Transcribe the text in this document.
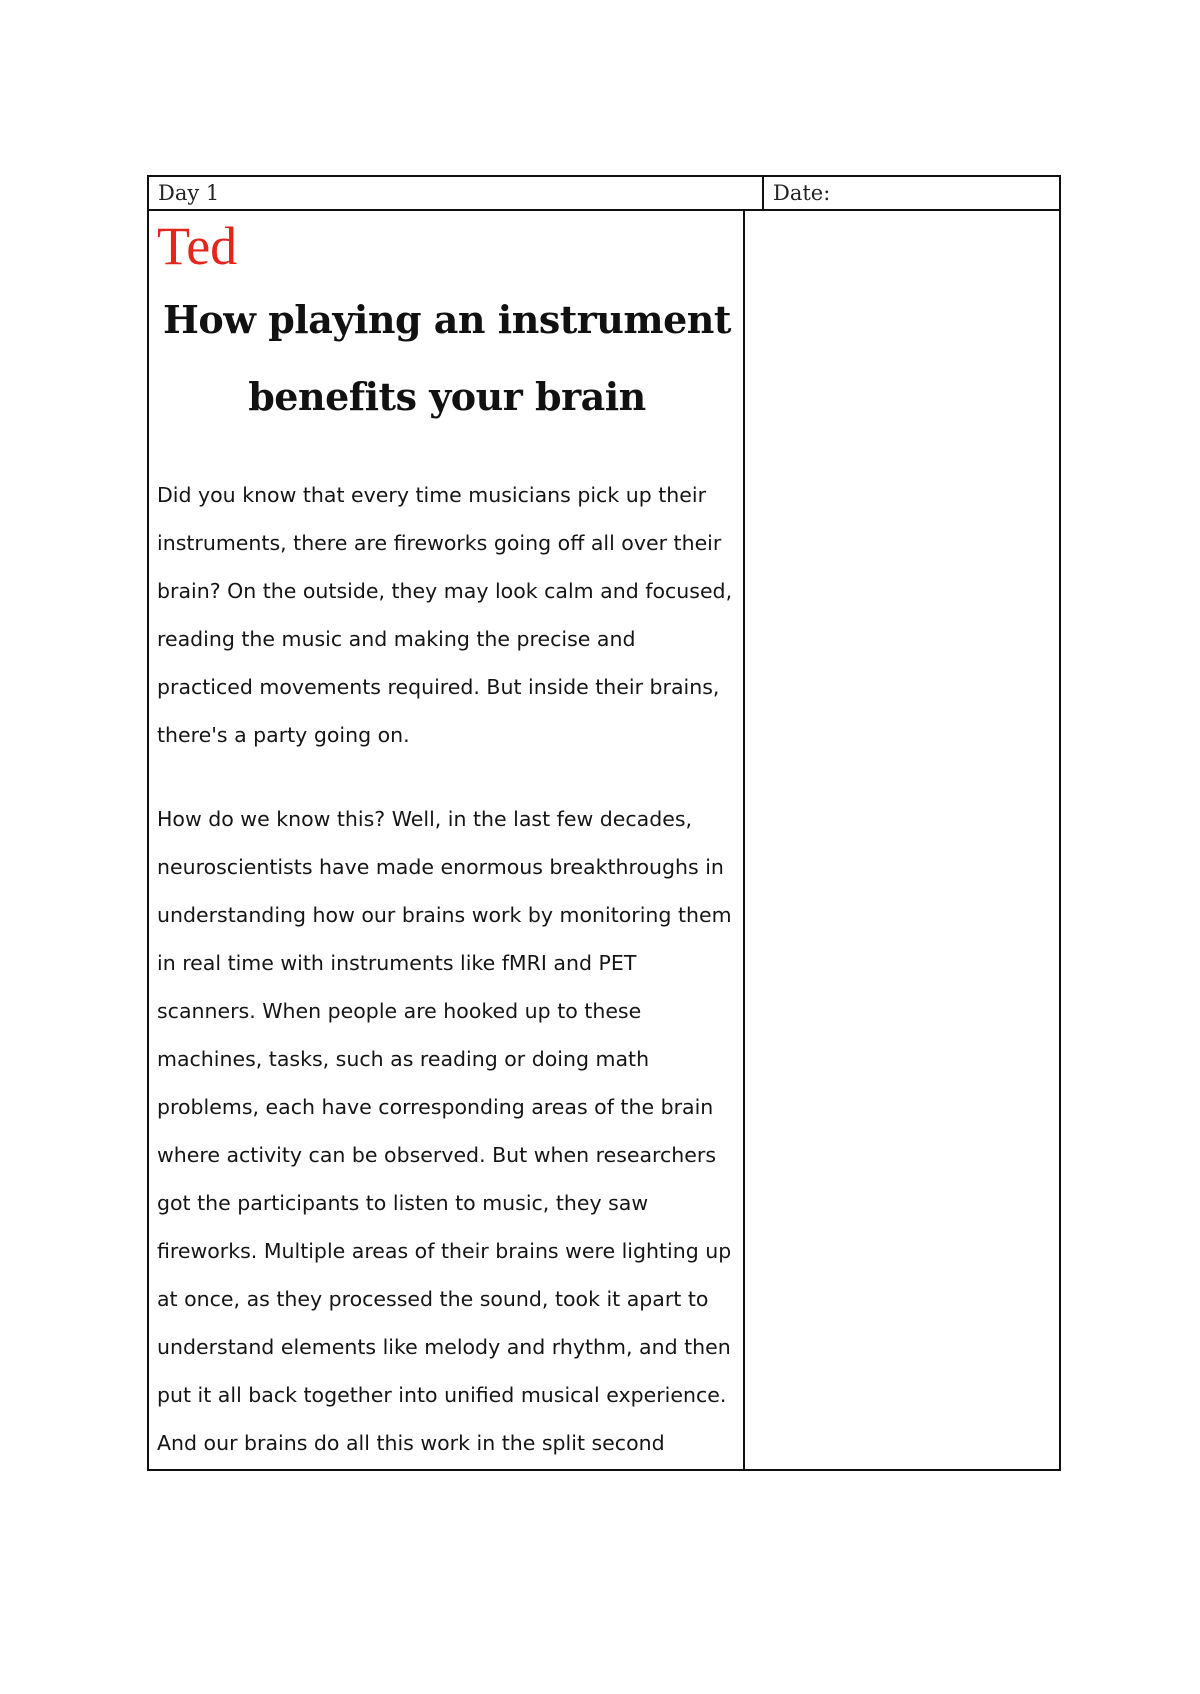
Day 1	Date:
Ted
How playing an instrument
benefits your brain

Did you know that every time musicians pick up their instruments, there are fireworks going off all over their brain? On the outside, they may look calm and focused, reading the music and making the precise and practiced movements required. But inside their brains, there's a party going on.

How do we know this? Well, in the last few decades, neuroscientists have made enormous breakthroughs in understanding how our brains work by monitoring them in real time with instruments like fMRI and PET scanners. When people are hooked up to these machines, tasks, such as reading or doing math problems, each have corresponding areas of the brain where activity can be observed. But when researchers got the participants to listen to music, they saw fireworks. Multiple areas of their brains were lighting up at once, as they processed the sound, took it apart to understand elements like melody and rhythm, and then put it all back together into unified musical experience. And our brains do all this work in the split second
